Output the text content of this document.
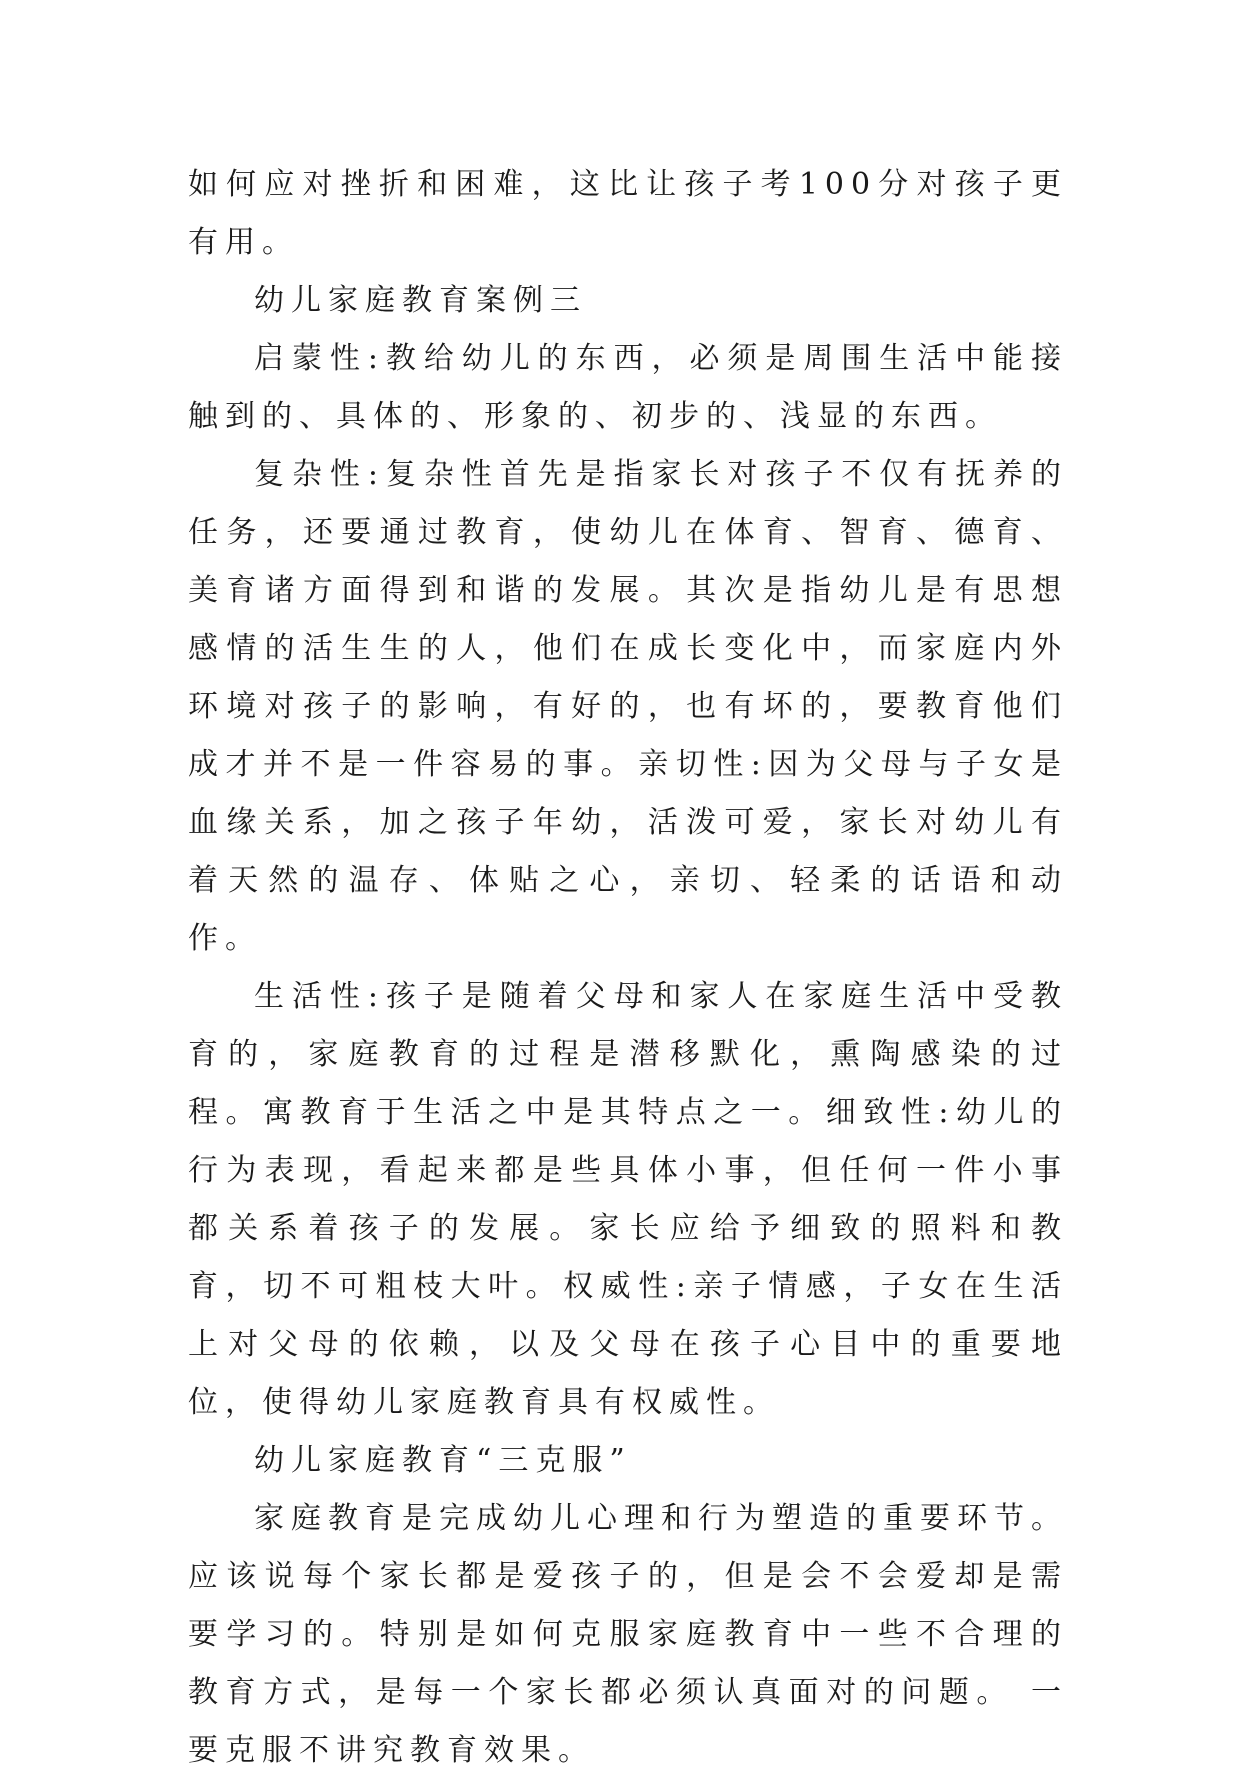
如何应对挫折和困难，这比让孩子考100分对孩子更有用。

幼儿家庭教育案例三

启蒙性:教给幼儿的东西，必须是周围生活中能接触到的、具体的、形象的、初步的、浅显的东西。

复杂性:复杂性首先是指家长对孩子不仅有抚养的任务，还要通过教育，使幼儿在体育、智育、德育、美育诸方面得到和谐的发展。其次是指幼儿是有思想感情的活生生的人，他们在成长变化中，而家庭内外环境对孩子的影响，有好的，也有坏的，要教育他们成才并不是一件容易的事。亲切性:因为父母与子女是血缘关系，加之孩子年幼，活泼可爱，家长对幼儿有着天然的温存、体贴之心，亲切、轻柔的话语和动作。

生活性:孩子是随着父母和家人在家庭生活中受教育的，家庭教育的过程是潜移默化，熏陶感染的过程。寓教育于生活之中是其特点之一。细致性:幼儿的行为表现，看起来都是些具体小事，但任何一件小事都关系着孩子的发展。家长应给予细致的照料和教育，切不可粗枝大叶。权威性:亲子情感，子女在生活上对父母的依赖，以及父母在孩子心目中的重要地位，使得幼儿家庭教育具有权威性。

幼儿家庭教育“三克服”

家庭教育是完成幼儿心理和行为塑造的重要环节。应该说每个家长都是爱孩子的，但是会不会爱却是需要学习的。特别是如何克服家庭教育中一些不合理的教育方式，是每一个家长都必须认真面对的问题。 一要克服不讲究教育效果。
